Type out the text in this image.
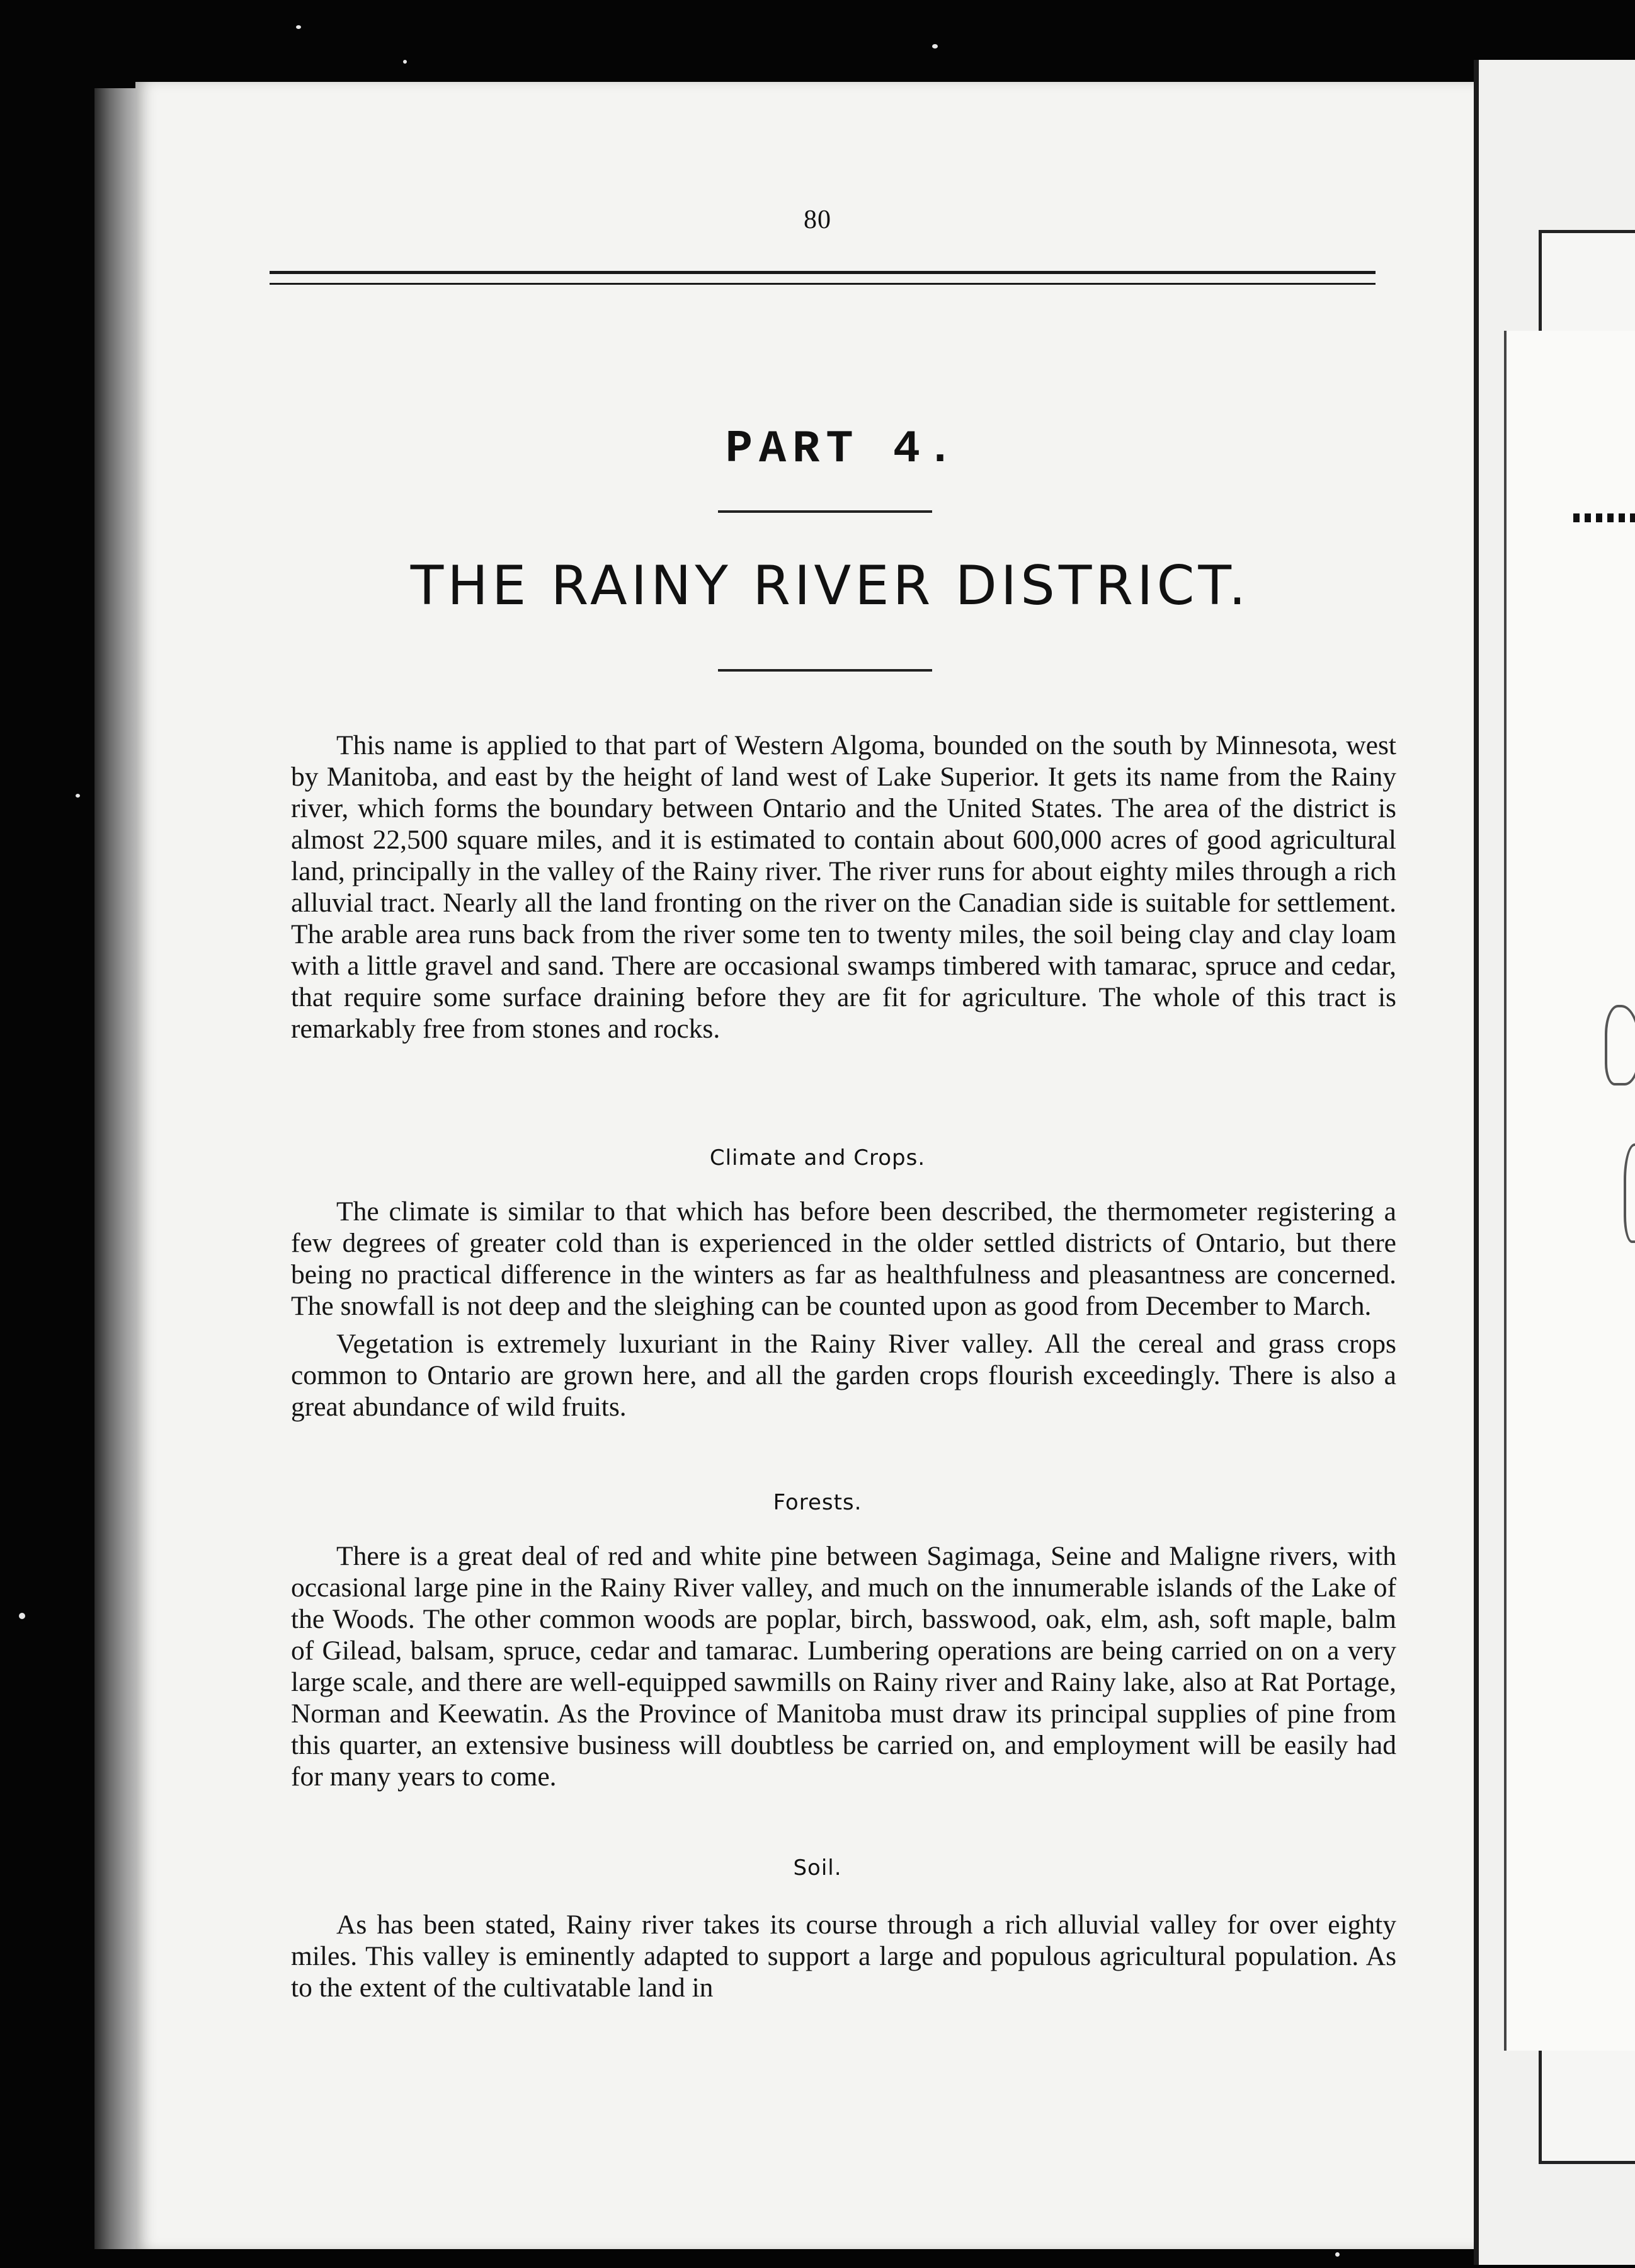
80
PART 4.
THE RAINY RIVER DISTRICT.

This name is applied to that part of Western Algoma, bounded on the south by Minnesota, west by Manitoba, and east by the height of land west of Lake Superior. It gets its name from the Rainy river, which forms the boundary between Ontario and the United States. The area of the district is almost 22,500 square miles, and it is estimated to contain about 600,000 acres of good agricultural land, principally in the valley of the Rainy river. The river runs for about eighty miles through a rich alluvial tract. Nearly all the land fronting on the river on the Canadian side is suitable for settlement. The arable area runs back from the river some ten to twenty miles, the soil being clay and clay loam with a little gravel and sand. There are occasional swamps timbered with tamarac, spruce and cedar, that require some surface draining before they are fit for agriculture. The whole of this tract is remarkably free from stones and rocks.

Climate and Crops.

The climate is similar to that which has before been described, the thermometer registering a few degrees of greater cold than is experienced in the older settled districts of Ontario, but there being no practical difference in the winters as far as healthfulness and pleasantness are concerned. The snowfall is not deep and the sleighing can be counted upon as good from December to March.

Vegetation is extremely luxuriant in the Rainy River valley. All the cereal and grass crops common to Ontario are grown here, and all the garden crops flourish exceedingly. There is also a great abundance of wild fruits.

Forests.

There is a great deal of red and white pine between Sagimaga, Seine and Maligne rivers, with occasional large pine in the Rainy River valley, and much on the innumerable islands of the Lake of the Woods. The other common woods are poplar, birch, basswood, oak, elm, ash, soft maple, balm of Gilead, balsam, spruce, cedar and tamarac. Lumbering operations are being carried on on a very large scale, and there are well-equipped sawmills on Rainy river and Rainy lake, also at Rat Portage, Norman and Keewatin. As the Province of Manitoba must draw its principal supplies of pine from this quarter, an extensive business will doubtless be carried on, and employment will be easily had for many years to come.

Soil.

As has been stated, Rainy river takes its course through a rich alluvial valley for over eighty miles. This valley is eminently adapted to support a large and populous agricultural population. As to the extent of the cultivatable land in
